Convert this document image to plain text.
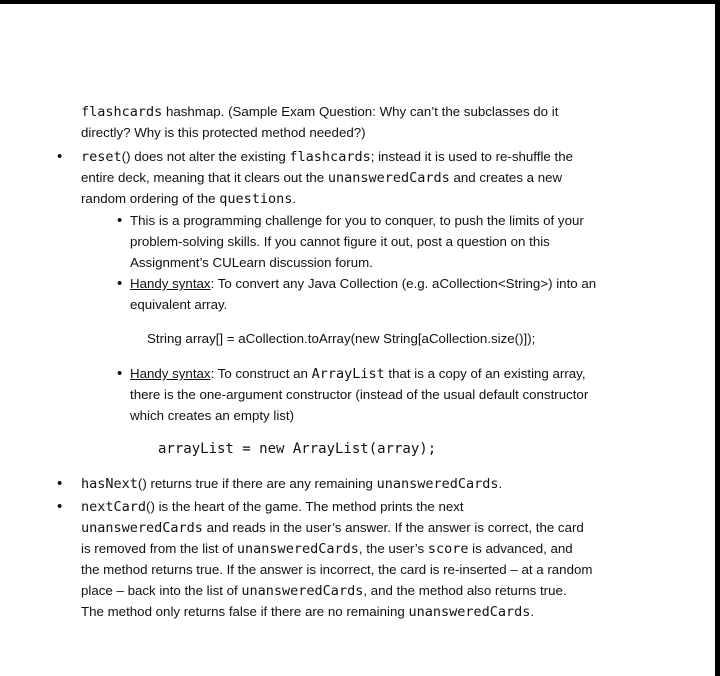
flashcards hashmap. (Sample Exam Question: Why can’t the subclasses do it
directly? Why is this protected method needed?)
• reset() does not alter the existing flashcards; instead it is used to re-shuffle the
entire deck, meaning that it clears out the unansweredCards and creates a new
random ordering of the questions.
• This is a programming challenge for you to conquer, to push the limits of your
problem-solving skills. If you cannot figure it out, post a question on this
Assignment’s CULearn discussion forum.
• Handy syntax: To convert any Java Collection (e.g. aCollection<String>) into an
equivalent array.
String array[] = aCollection.toArray(new String[aCollection.size()]);
• Handy syntax: To construct an ArrayList that is a copy of an existing array,
there is the one-argument constructor (instead of the usual default constructor
which creates an empty list)
arrayList = new ArrayList(array);
• hasNext() returns true if there are any remaining unansweredCards.
• nextCard() is the heart of the game. The method prints the next
unansweredCards and reads in the user’s answer. If the answer is correct, the card
is removed from the list of unansweredCards, the user’s score is advanced, and
the method returns true. If the answer is incorrect, the card is re-inserted – at a random
place – back into the list of unansweredCards, and the method also returns true.
The method only returns false if there are no remaining unansweredCards.
